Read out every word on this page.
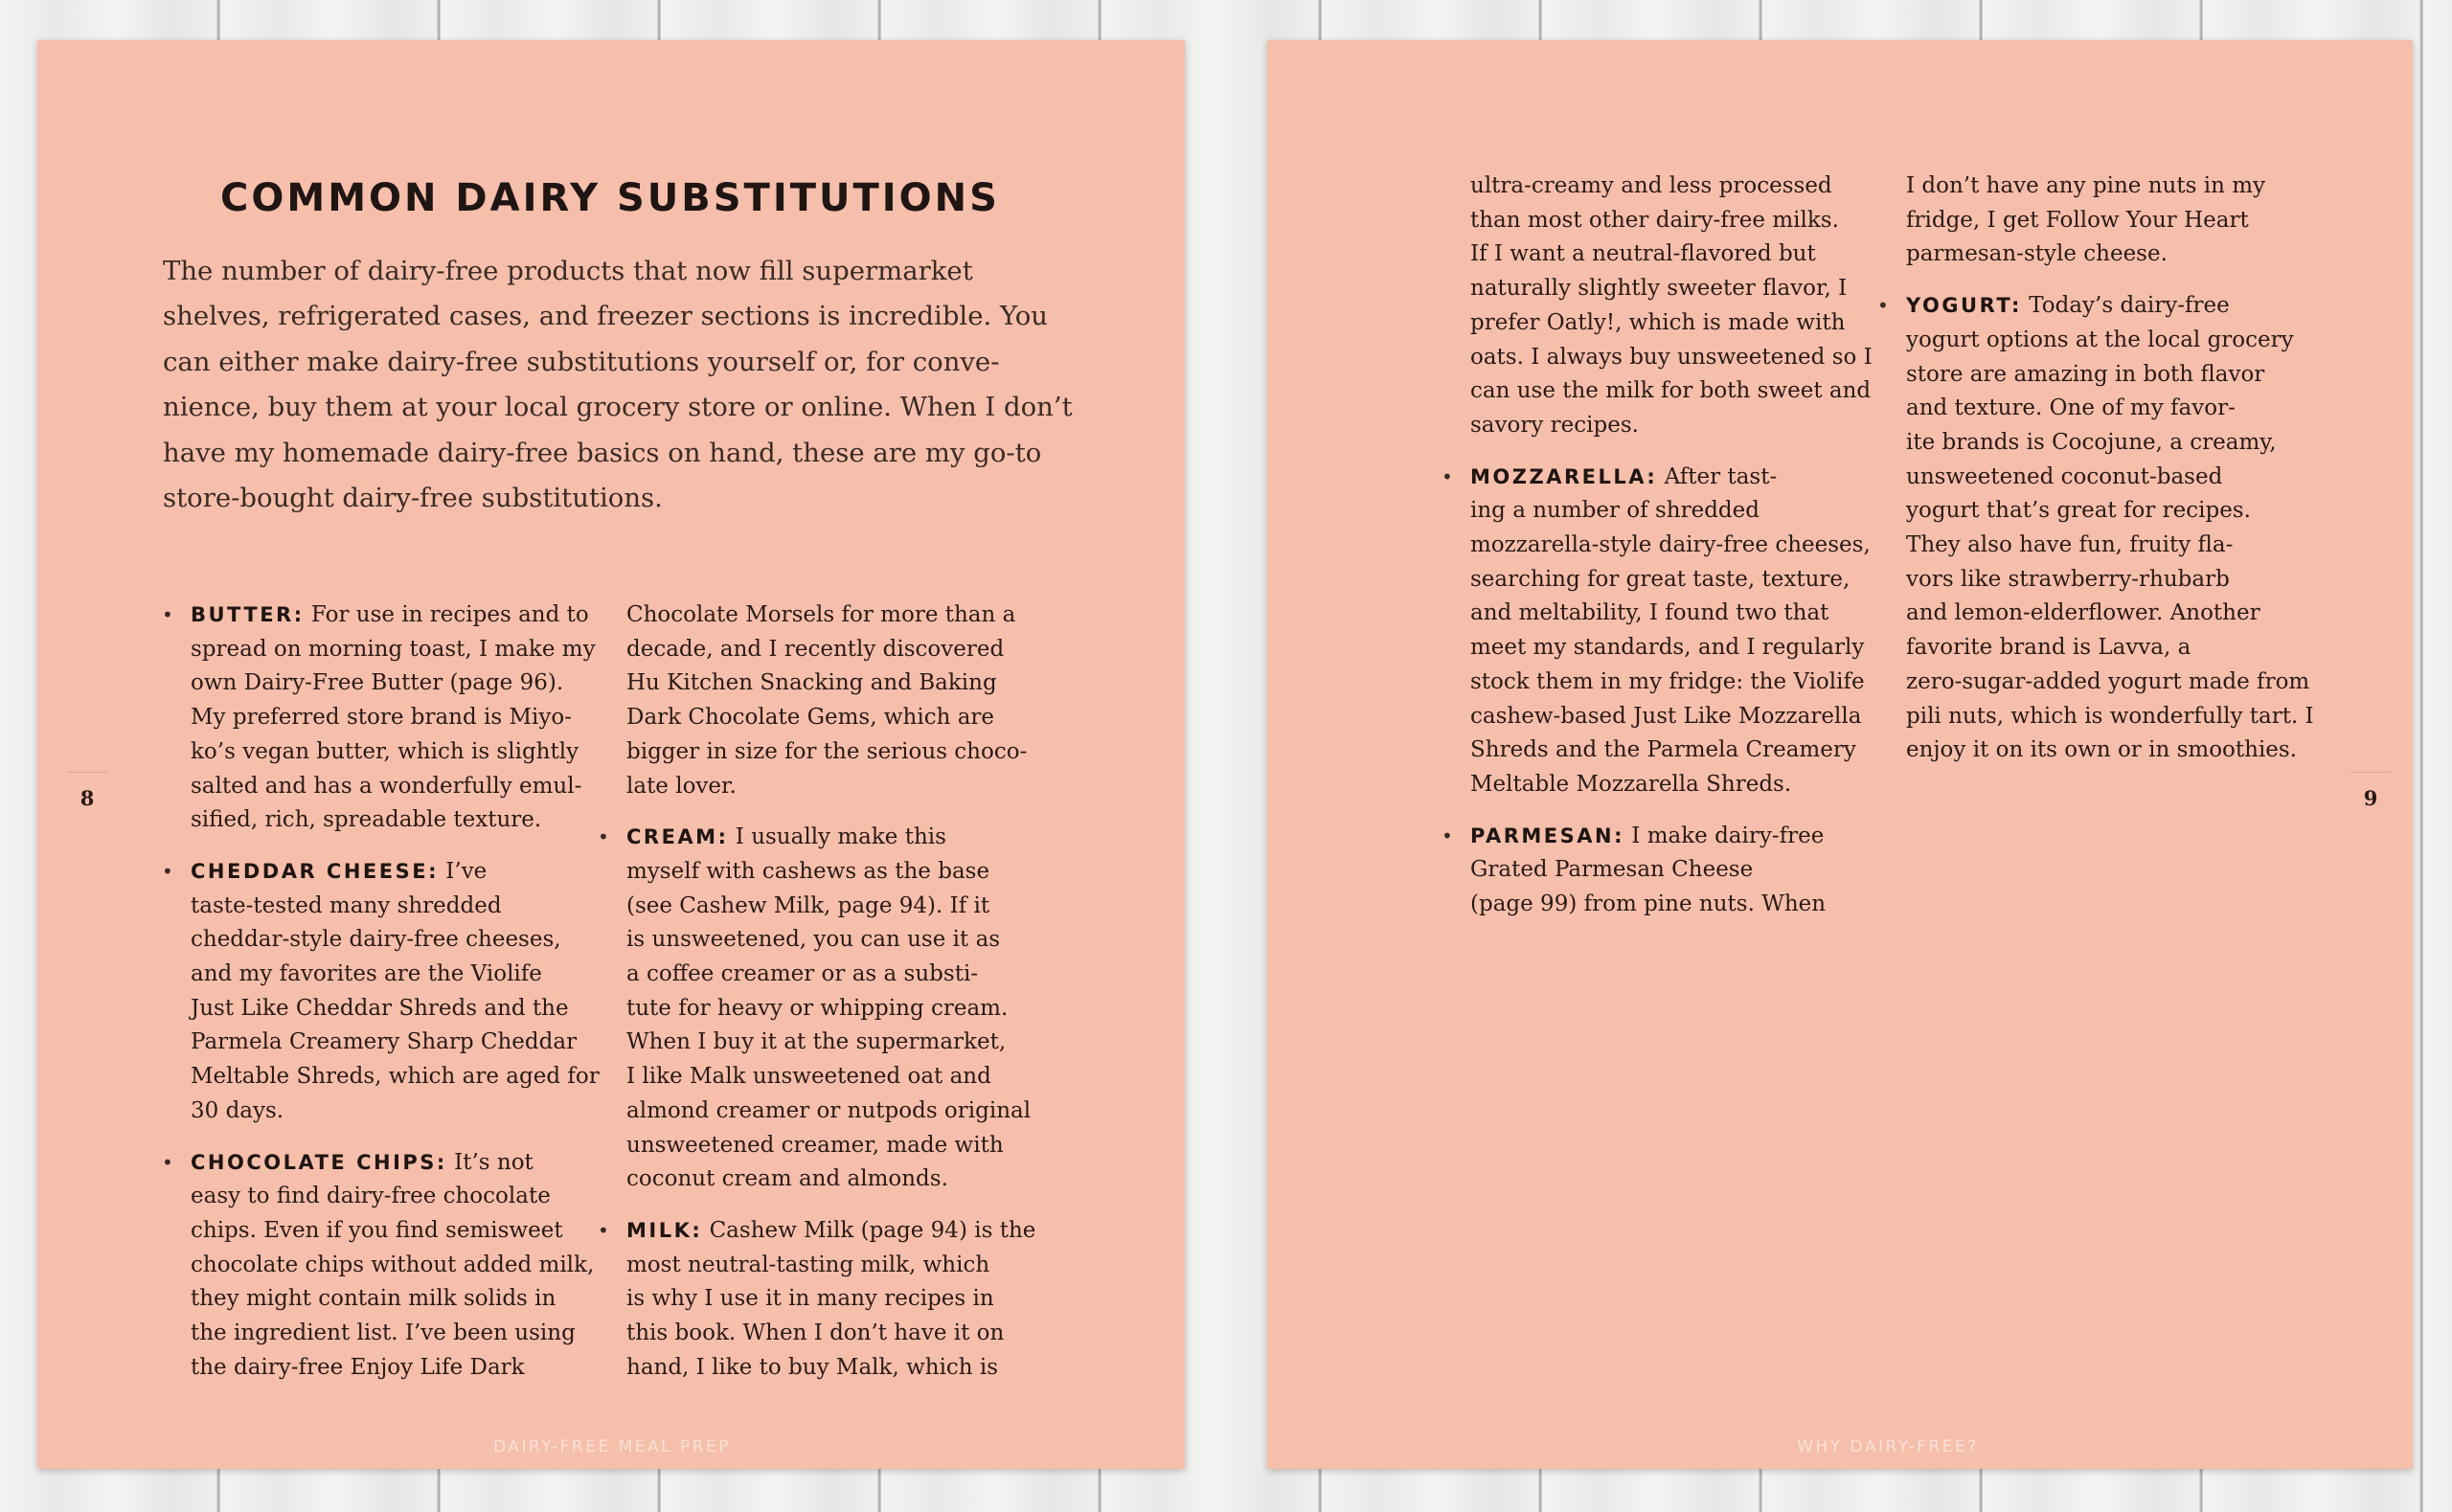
COMMON DAIRY SUBSTITUTIONS
The number of dairy-free products that now fill supermarket
shelves, refrigerated cases, and freezer sections is incredible. You
can either make dairy-free substitutions yourself or, for conve-
nience, buy them at your local grocery store or online. When I don’t
have my homemade dairy-free basics on hand, these are my go-to
store-bought dairy-free substitutions.
• BUTTER: For use in recipes and to
spread on morning toast, I make my
own Dairy-Free Butter (page 96).
My preferred store brand is Miyo-
ko’s vegan butter, which is slightly
salted and has a wonderfully emul-
sified, rich, spreadable texture.
• CHEDDAR CHEESE: I’ve
taste-tested many shredded
cheddar-style dairy-free cheeses,
and my favorites are the Violife
Just Like Cheddar Shreds and the
Parmela Creamery Sharp Cheddar
Meltable Shreds, which are aged for
30 days.
• CHOCOLATE CHIPS: It’s not
easy to find dairy-free chocolate
chips. Even if you find semisweet
chocolate chips without added milk,
they might contain milk solids in
the ingredient list. I’ve been using
the dairy-free Enjoy Life Dark
Chocolate Morsels for more than a
decade, and I recently discovered
Hu Kitchen Snacking and Baking
Dark Chocolate Gems, which are
bigger in size for the serious choco-
late lover.
• CREAM: I usually make this
myself with cashews as the base
(see Cashew Milk, page 94). If it
is unsweetened, you can use it as
a coffee creamer or as a substi-
tute for heavy or whipping cream.
When I buy it at the supermarket,
I like Malk unsweetened oat and
almond creamer or nutpods original
unsweetened creamer, made with
coconut cream and almonds.
• MILK: Cashew Milk (page 94) is the
most neutral-tasting milk, which
is why I use it in many recipes in
this book. When I don’t have it on
hand, I like to buy Malk, which is
8
DAIRY-FREE MEAL PREP
ultra-creamy and less processed
than most other dairy-free milks.
If I want a neutral-flavored but
naturally slightly sweeter flavor, I
prefer Oatly!, which is made with
oats. I always buy unsweetened so I
can use the milk for both sweet and
savory recipes.
• MOZZARELLA: After tast-
ing a number of shredded
mozzarella-style dairy-free cheeses,
searching for great taste, texture,
and meltability, I found two that
meet my standards, and I regularly
stock them in my fridge: the Violife
cashew-based Just Like Mozzarella
Shreds and the Parmela Creamery
Meltable Mozzarella Shreds.
• PARMESAN: I make dairy-free
Grated Parmesan Cheese
(page 99) from pine nuts. When
I don’t have any pine nuts in my
fridge, I get Follow Your Heart
parmesan-style cheese.
• YOGURT: Today’s dairy-free
yogurt options at the local grocery
store are amazing in both flavor
and texture. One of my favor-
ite brands is Cocojune, a creamy,
unsweetened coconut-based
yogurt that’s great for recipes.
They also have fun, fruity fla-
vors like strawberry-rhubarb
and lemon-elderflower. Another
favorite brand is Lavva, a
zero-sugar-added yogurt made from
pili nuts, which is wonderfully tart. I
enjoy it on its own or in smoothies.
9
WHY DAIRY-FREE?
